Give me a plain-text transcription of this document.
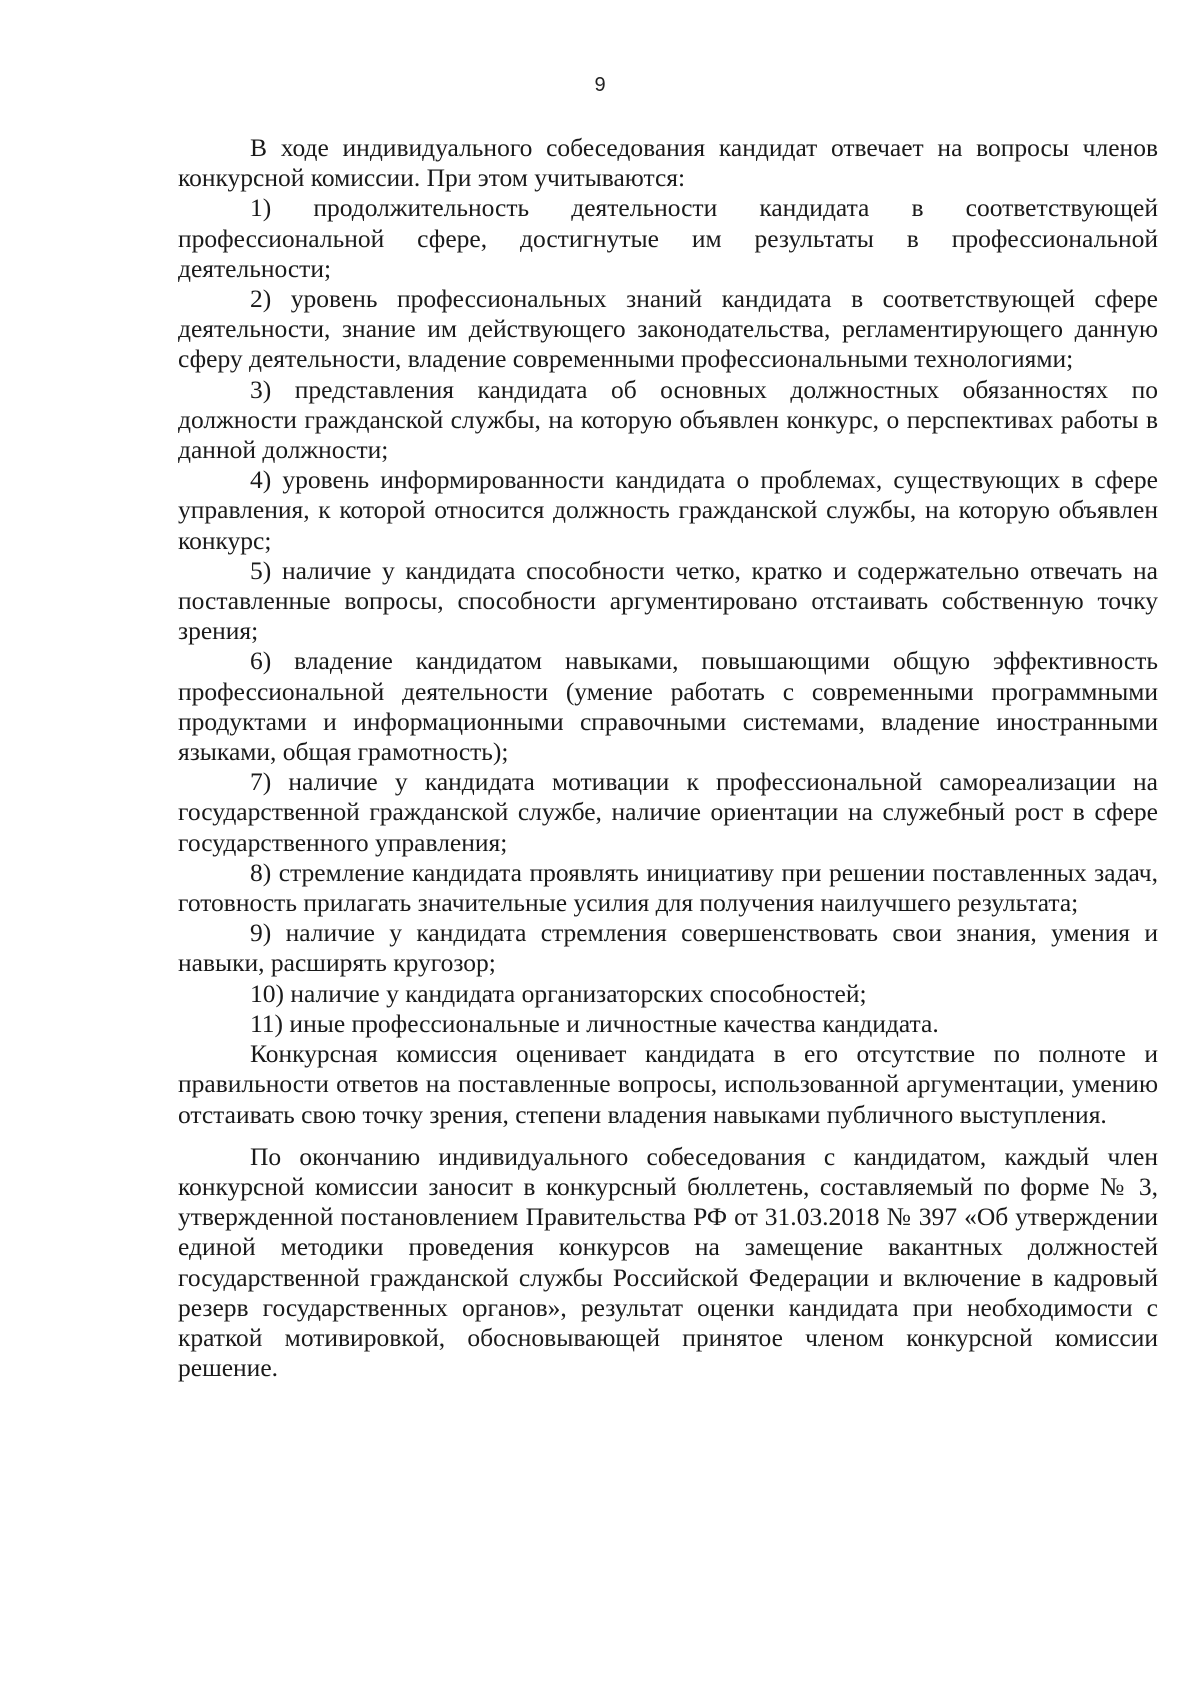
9

В ходе индивидуального собеседования кандидат отвечает на вопросы членов конкурсной комиссии. При этом учитываются:

1) продолжительность деятельности кандидата в соответствующей профессиональной сфере, достигнутые им результаты в профессиональной деятельности;

2) уровень профессиональных знаний кандидата в соответствующей сфере деятельности, знание им действующего законодательства, регламентирующего данную сферу деятельности, владение современными профессиональными технологиями;

3) представления кандидата об основных должностных обязанностях по должности гражданской службы, на которую объявлен конкурс, о перспективах работы в данной должности;

4) уровень информированности кандидата о проблемах, существующих в сфере управления, к которой относится должность гражданской службы, на которую объявлен конкурс;

5) наличие у кандидата способности четко, кратко и содержательно отвечать на поставленные вопросы, способности аргументировано отстаивать собственную точку зрения;

6) владение кандидатом навыками, повышающими общую эффективность профессиональной деятельности (умение работать с современными программными продуктами и информационными справочными системами, владение иностранными языками, общая грамотность);

7) наличие у кандидата мотивации к профессиональной самореализации на государственной гражданской службе, наличие ориентации на служебный рост в сфере государственного управления;

8) стремление кандидата проявлять инициативу при решении поставленных задач, готовность прилагать значительные усилия для получения наилучшего результата;

9) наличие у кандидата стремления совершенствовать свои знания, умения и навыки, расширять кругозор;

10) наличие у кандидата организаторских способностей;

11) иные профессиональные и личностные качества кандидата.

Конкурсная комиссия оценивает кандидата в его отсутствие по полноте и правильности ответов на поставленные вопросы, использованной аргументации, умению отстаивать свою точку зрения, степени владения навыками публичного выступления.

По окончанию индивидуального собеседования с кандидатом, каждый член конкурсной комиссии заносит в конкурсный бюллетень, составляемый по форме № 3, утвержденной постановлением Правительства РФ от 31.03.2018 № 397 «Об утверждении единой методики проведения конкурсов на замещение вакантных должностей государственной гражданской службы Российской Федерации и включение в кадровый резерв государственных органов», результат оценки кандидата при необходимости с краткой мотивировкой, обосновывающей принятое членом конкурсной комиссии решение.
